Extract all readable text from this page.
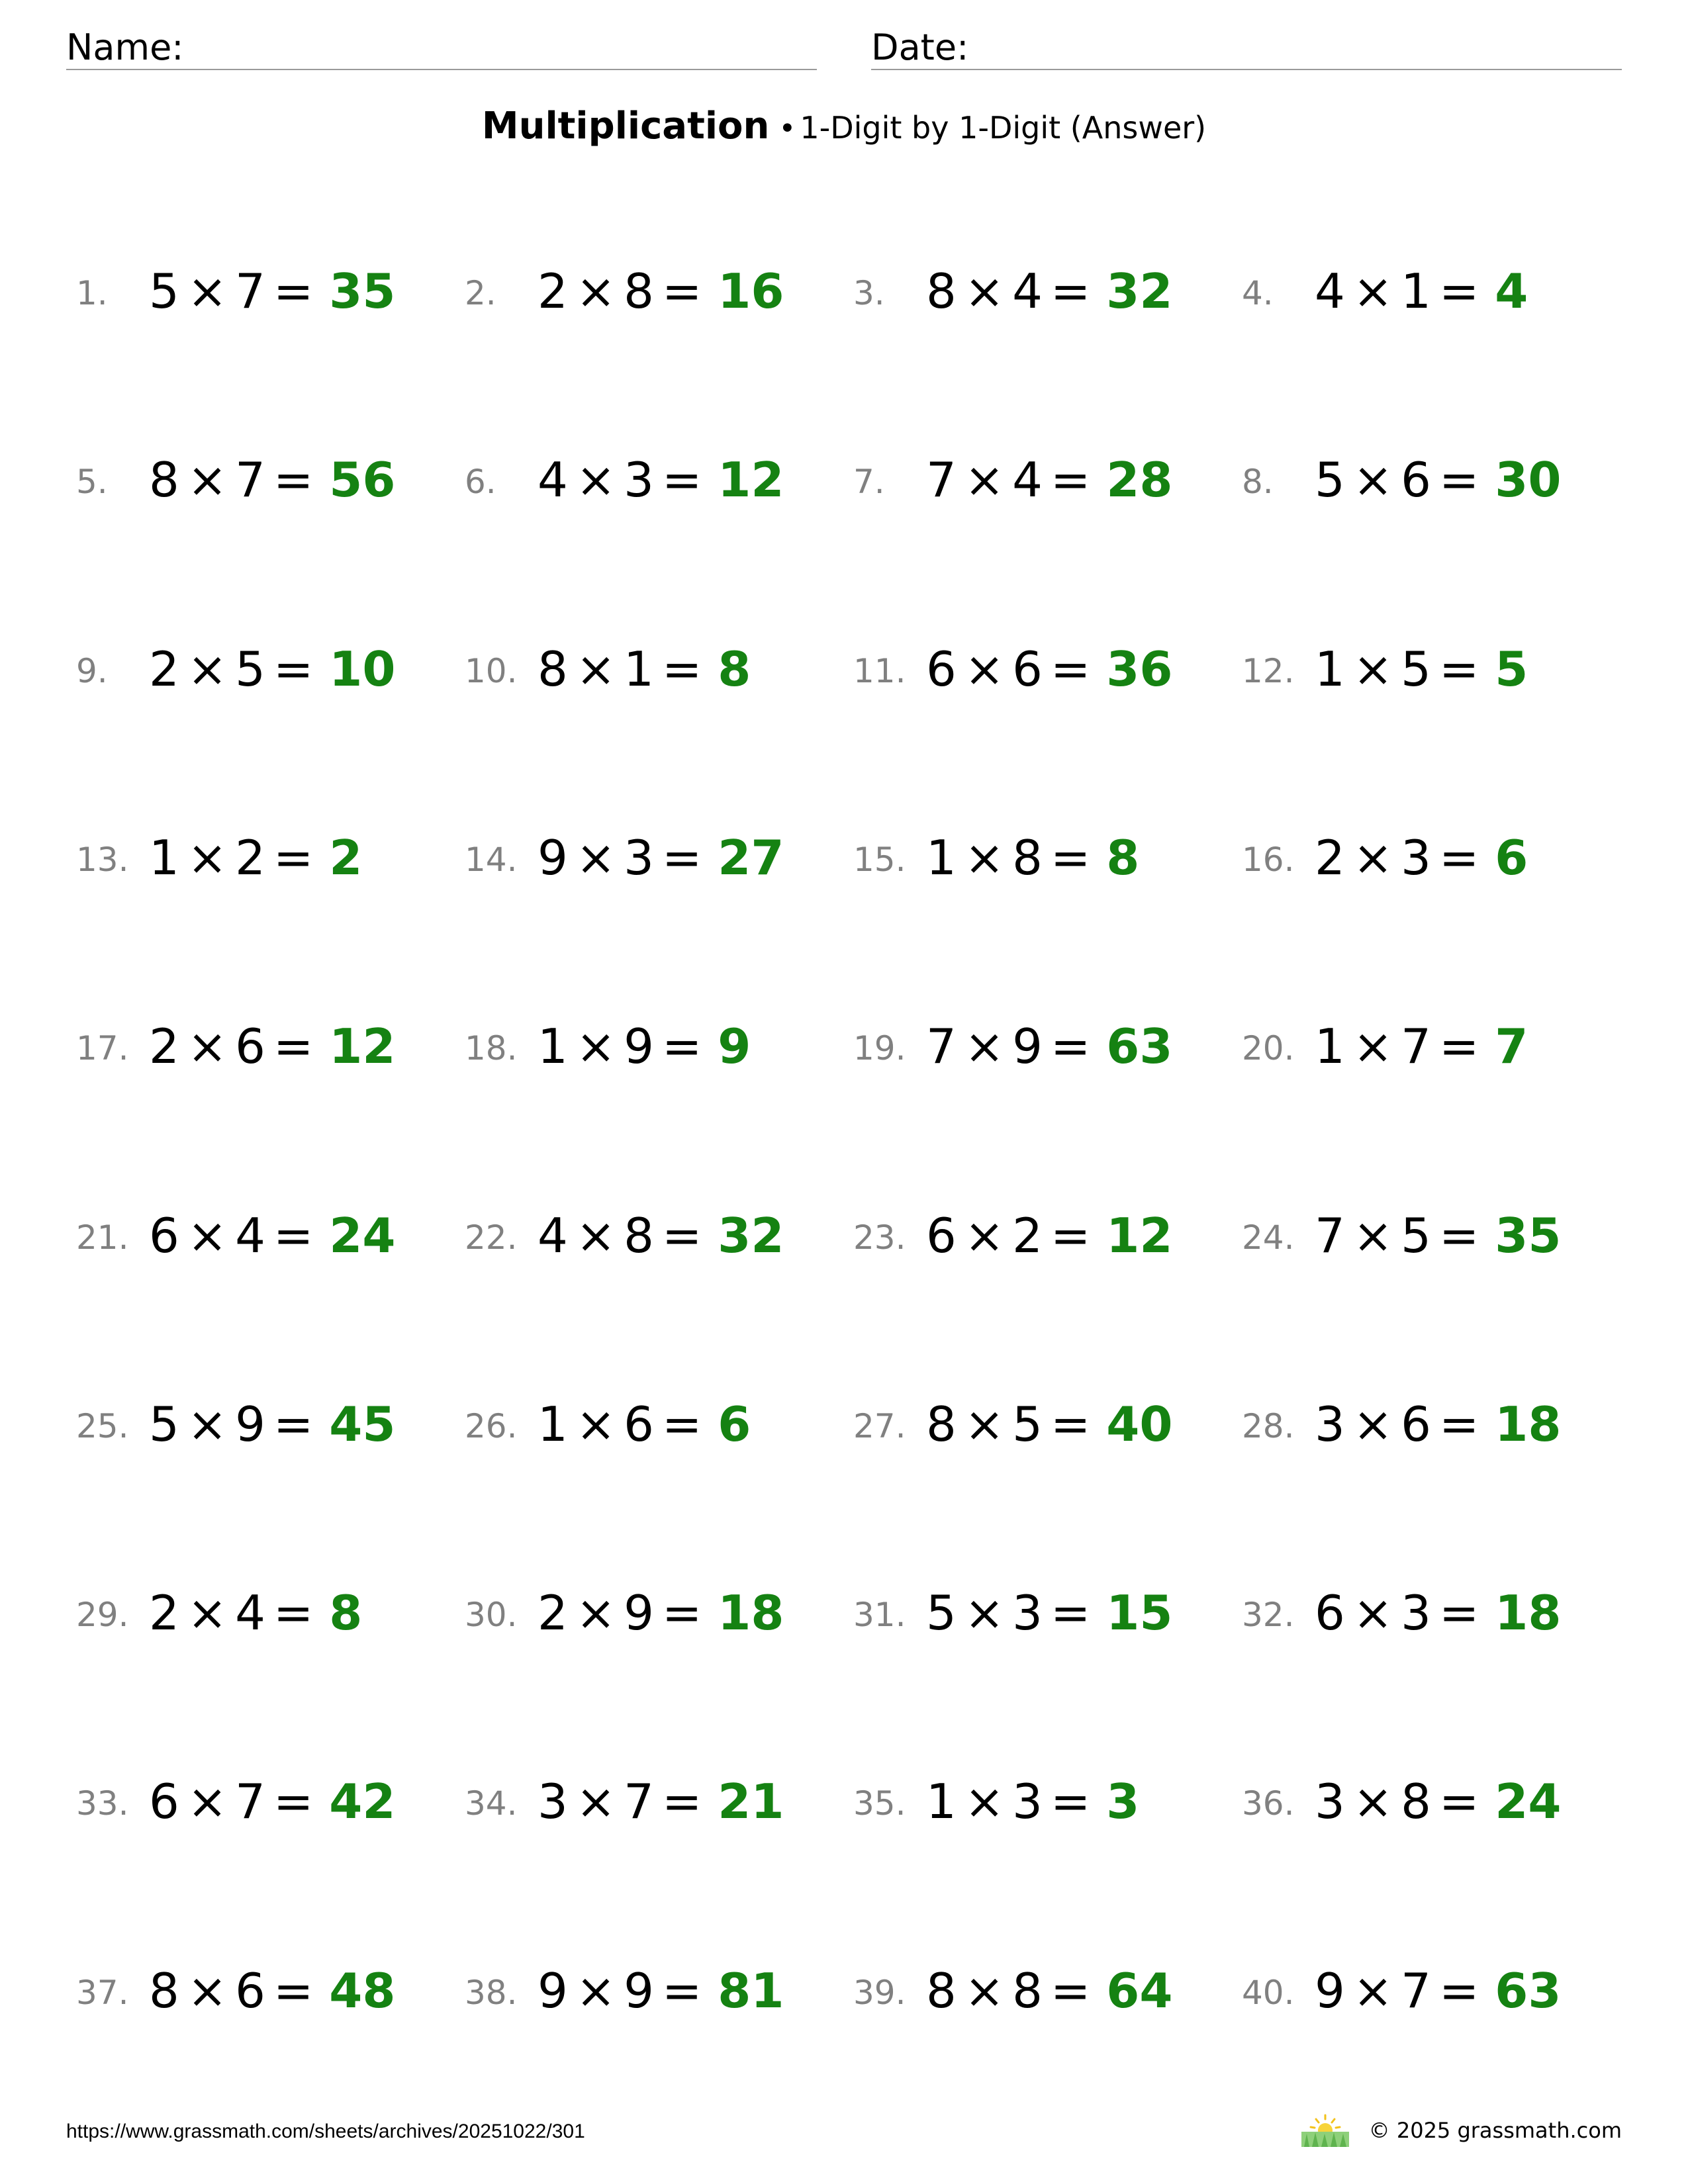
Name:	Date:
Multiplication • 1-Digit by 1-Digit (Answer)
1. 5 × 7 = 35 2. 2 × 8 = 16 3. 8 × 4 = 32 4. 4 × 1 = 4
5. 8 × 7 = 56 6. 4 × 3 = 12 7. 7 × 4 = 28 8. 5 × 6 = 30
9. 2 × 5 = 10 10. 8 × 1 = 8	11. 6 × 6 = 36 12. 1 × 5 = 5
13. 1 × 2 = 2	14. 9 × 3 = 27 15. 1 × 8 = 8	16. 2 × 3 = 6
17. 2 × 6 = 12 18. 1 × 9 = 9	19. 7 × 9 = 63 20. 1 × 7 = 7
21. 6 × 4 = 24 22. 4 × 8 = 32 23. 6 × 2 = 12 24. 7 × 5 = 35
25. 5 × 9 = 45 26. 1 × 6 = 6	27. 8 × 5 = 40 28. 3 × 6 = 18
29. 2 × 4 = 8	30. 2 × 9 = 18 31. 5 × 3 = 15 32. 6 × 3 = 18
33. 6 × 7 = 42 34. 3 × 7 = 21 35. 1 × 3 = 3	36. 3 × 8 = 24
37. 8 × 6 = 48 38. 9 × 9 = 81 39. 8 × 8 = 64 40. 9 × 7 = 63
https://www.grassmath.com/sheets/archives/20251022/301	© 2025 grassmath.com
